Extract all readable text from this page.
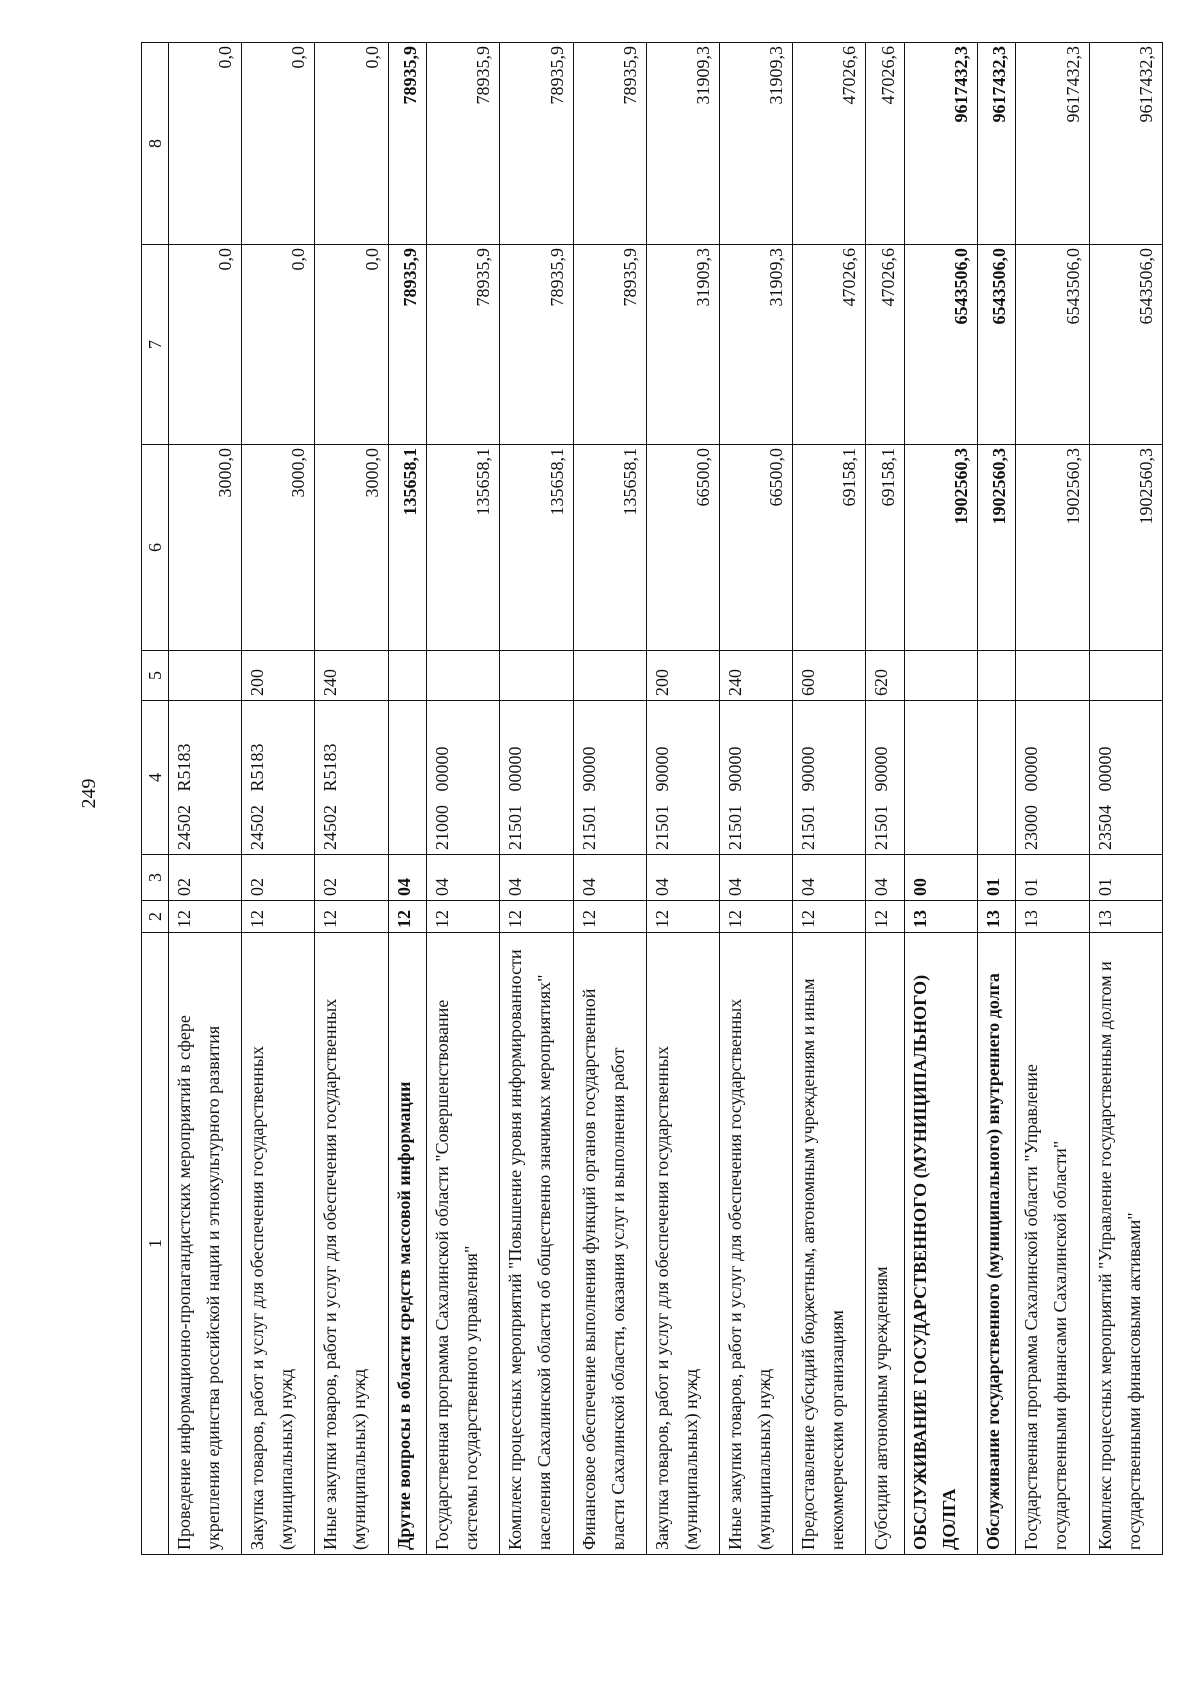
249
1	2	3	4	5	6	7	8
Проведение информационно-пропагандистских мероприятий в сфере укрепления единства российской нации и этнокультурного развития	12	02	24502   R5183		3000,0	0,0	0,0
Закупка товаров, работ и услуг для обеспечения государственных (муниципальных) нужд	12	02	24502   R5183	200	3000,0	0,0	0,0
Иные закупки товаров, работ и услуг для обеспечения государственных (муниципальных) нужд	12	02	24502   R5183	240	3000,0	0,0	0,0
Другие вопросы в области средств массовой информации	12	04			135658,1	78935,9	78935,9
Государственная программа Сахалинской области "Совершенствование системы государственного управления"	12	04	21000   00000		135658,1	78935,9	78935,9
Комплекс процессных мероприятий "Повышение уровня информированности населения Сахалинской области об общественно значимых мероприятиях"	12	04	21501   00000		135658,1	78935,9	78935,9
Финансовое обеспечение выполнения функций органов государственной власти Сахалинской области, оказания услуг и выполнения работ	12	04	21501   90000		135658,1	78935,9	78935,9
Закупка товаров, работ и услуг для обеспечения государственных (муниципальных) нужд	12	04	21501   90000	200	66500,0	31909,3	31909,3
Иные закупки товаров, работ и услуг для обеспечения государственных (муниципальных) нужд	12	04	21501   90000	240	66500,0	31909,3	31909,3
Предоставление субсидий бюджетным, автономным учреждениям и иным некоммерческим организациям	12	04	21501   90000	600	69158,1	47026,6	47026,6
Субсидии автономным учреждениям	12	04	21501   90000	620	69158,1	47026,6	47026,6
ОБСЛУЖИВАНИЕ ГОСУДАРСТВЕННОГО (МУНИЦИПАЛЬНОГО) ДОЛГА	13	00			1902560,3	6543506,0	9617432,3
Обслуживание государственного (муниципального) внутреннего долга	13	01			1902560,3	6543506,0	9617432,3
Государственная программа Сахалинской области "Управление государственными финансами Сахалинской области"	13	01	23000   00000		1902560,3	6543506,0	9617432,3
Комплекс процессных мероприятий "Управление государственным долгом и государственными финансовыми активами"	13	01	23504   00000		1902560,3	6543506,0	9617432,3
